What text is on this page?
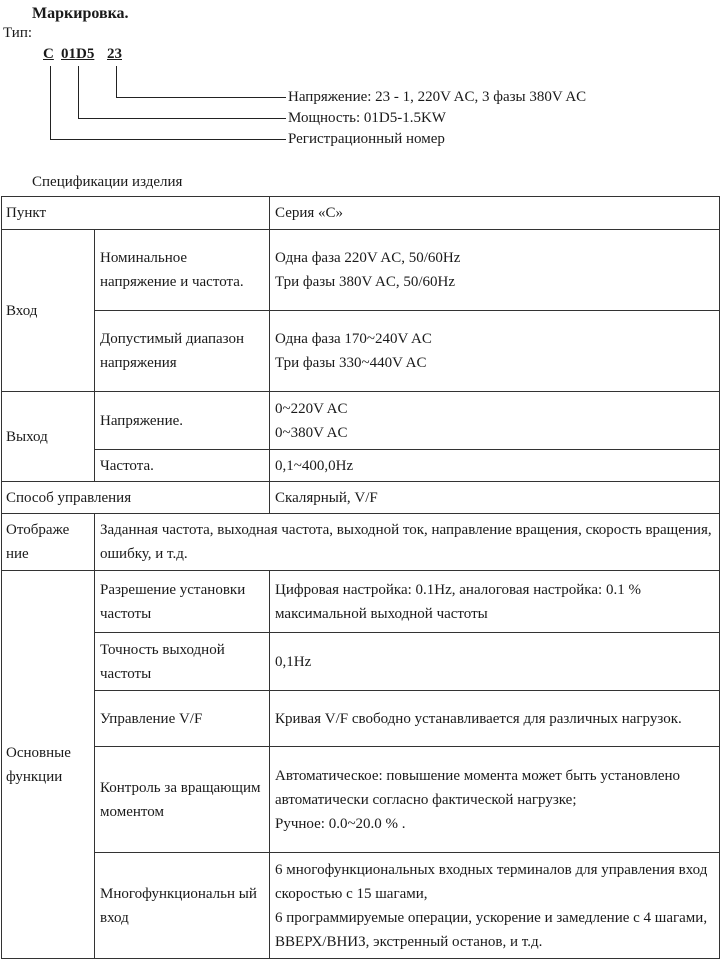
Маркировка.
Тип:
C 01D5 23
Напряжение: 23 - 1, 220V AC, 3 фазы 380V AC
Мощность: 01D5-1.5KW
Регистрационный номер
Спецификации изделия
Пункт		Серия «C»
Вход	Номинальное напряжение и частота.	Одна фаза 220V AC, 50/60Hz
Три фазы 380V AC, 50/60Hz

	Допустимый диапазон напряжения	Одна фаза 170~240V AC
Три фазы 330~440V AC

Выход	Напряжение.	0~220V AC
0~380V AC

	Частота.	0,1~400,0Hz
Способ управления		Скалярный, V/F
Отображе ние	Заданная частота, выходная частота, выходной ток, направление вращения, скорость вращения, ошибку, и т.д.	
Основные функции	Разрешение установки частоты	Цифровая настройка: 0.1Hz, аналоговая настройка: 0.1 % максимальной выходной частоты
	Точность выходной частоты	0,1Hz
	Управление V/F	Кривая V/F свободно устанавливается для различных нагрузок.
	Контроль за вращающим моментом	Автоматическое: повышение момента может быть установлено автоматически согласно фактической нагрузке;
Ручное: 0.0~20.0 % .

	Многофункциональн ый вход	6 многофункциональных входных терминалов для управления вход скоростью с 15 шагами,
6 программируемые операции, ускорение и замедление с 4 шагами, ВВЕРХ/ВНИЗ, экстренный останов, и т.д.
